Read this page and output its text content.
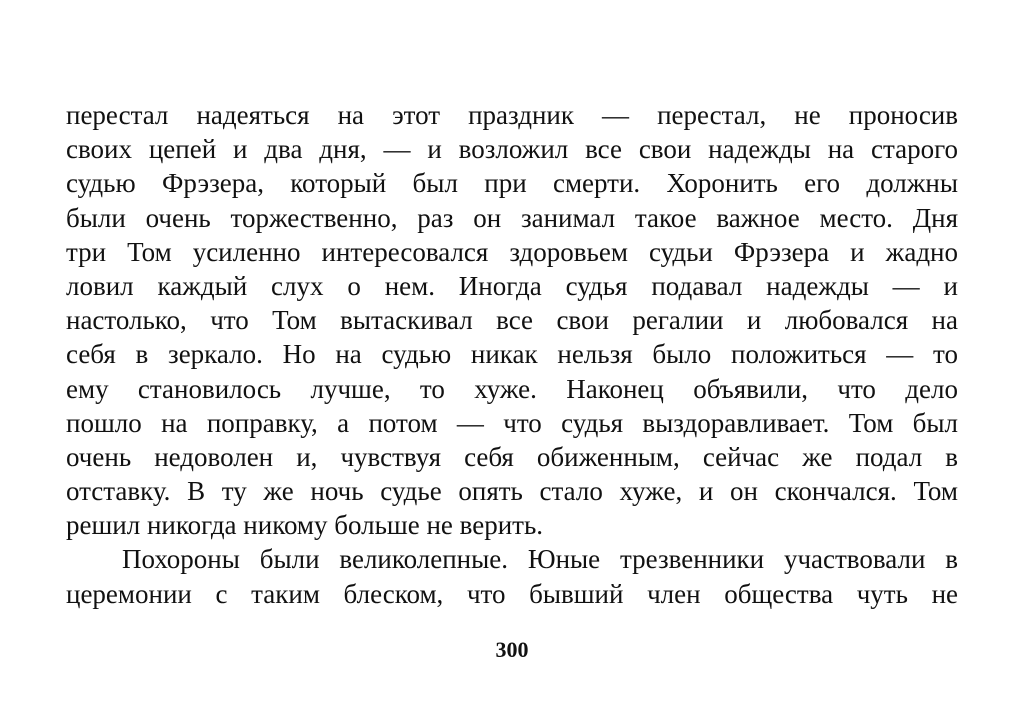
перестал надеяться на этот праздник — перестал, не проносив
своих цепей и два дня, — и возложил все свои надежды на старого
судью Фрэзера, который был при смерти. Хоронить его должны
были очень торжественно, раз он занимал такое важное место. Дня
три Том усиленно интересовался здоровьем судьи Фрэзера и жадно
ловил каждый слух о нем. Иногда судья подавал надежды — и
настолько, что Том вытаскивал все свои регалии и любовался на
себя в зеркало. Но на судью никак нельзя было положиться — то
ему становилось лучше, то хуже. Наконец объявили, что дело
пошло на поправку, а потом — что судья выздоравливает. Том был
очень недоволен и, чувствуя себя обиженным, сейчас же подал в
отставку. В ту же ночь судье опять стало хуже, и он скончался. Том
решил никогда никому больше не верить.
Похороны были великолепные. Юные трезвенники участвовали в
церемонии с таким блеском, что бывший член общества чуть не
300
